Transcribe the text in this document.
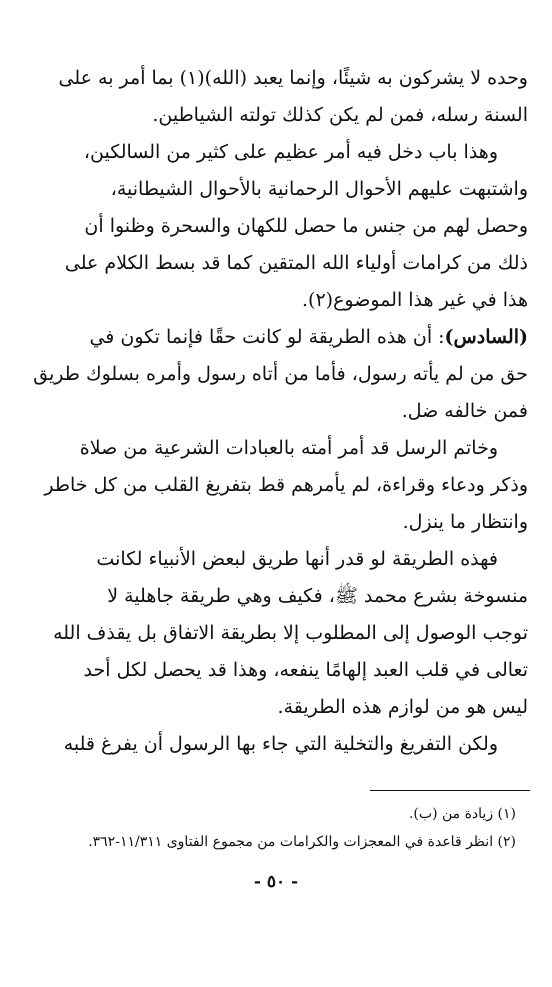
وحده لا يشركون به شيئًا، وإنما يعبد (الله)(١) بما أمر به على
السنة رسله، فمن لم يكن كذلك تولته الشياطين.
وهذا باب دخل فيه أمر عظيم على كثير من السالكين،
واشتبهت عليهم الأحوال الرحمانية بالأحوال الشيطانية،
وحصل لهم من جنس ما حصل للكهان والسحرة وظنوا أن
ذلك من كرامات أولياء الله المتقين كما قد بسط الكلام على
هذا في غير هذا الموضوع(٢).
(السادس): أن هذه الطريقة لو كانت حقًا فإنما تكون في
حق من لم يأته رسول، فأما من أتاه رسول وأمره بسلوك طريق
فمن خالفه ضل.
وخاتم الرسل قد أمر أمته بالعبادات الشرعية من صلاة
وذكر ودعاء وقراءة، لم يأمرهم قط بتفريغ القلب من كل خاطر
وانتظار ما ينزل.
فهذه الطريقة لو قدر أنها طريق لبعض الأنبياء لكانت
منسوخة بشرع محمد ﷺ، فكيف وهي طريقة جاهلية لا
توجب الوصول إلى المطلوب إلا بطريقة الاتفاق بل يقذف الله
تعالى في قلب العبد إلهامًا ينفعه، وهذا قد يحصل لكل أحد
ليس هو من لوازم هذه الطريقة.
ولكن التفريغ والتخلية التي جاء بها الرسول أن يفرغ قلبه
(١) زيادة من (ب).
(٢) انظر قاعدة في المعجزات والكرامات من مجموع الفتاوى ١١/٣١١-٣٦٢.
- ٥٠ -
